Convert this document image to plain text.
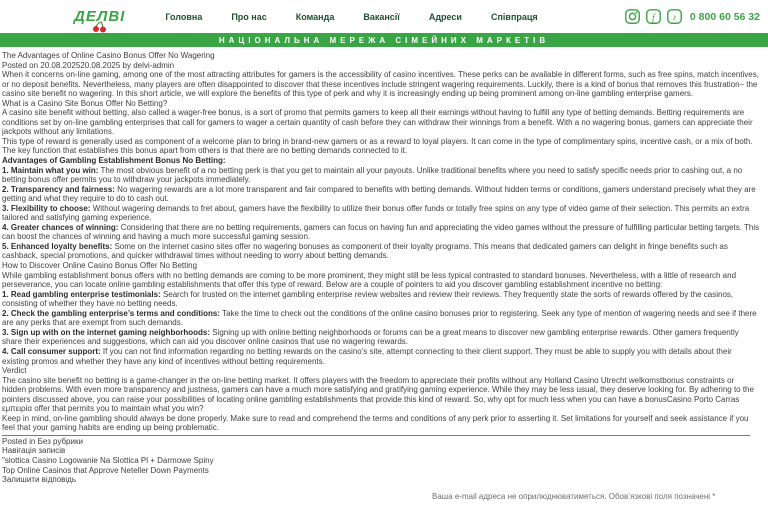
ДЕЛВІ	Головна	Про нас	Команда	Вакансії	Адреси	Співпраця	f ♪ 0 800 60 56 32
НАЦІОНАЛЬНА МЕРЕЖА СІМЕЙНИХ МАРКЕТІВ
The Advantages of Online Casino Bonus Offer No Wagering

Posted on 20.08.202520.08.2025 by delvi-admin

When it concerns on-line gaming, among one of the most attracting attributes for gamers is the accessibility of casino incentives. These perks can be available in different forms, such as free spins, match incentives, or no deposit benefits. Nevertheless, many players are often disappointed to discover that these incentives include stringent wagering requirements. Luckily, there is a kind of bonus that removes this frustration– the casino site benefit no wagering. In this short article, we will explore the benefits of this type of perk and why it is increasingly ending up being prominent among on-line gambling enterprise gamers.

What is a Casino Site Bonus Offer No Betting?

A casino site benefit without betting, also called a wager-free bonus, is a sort of promo that permits gamers to keep all their earnings without having to fulfill any type of betting demands. Betting requirements are conditions set by on-line gambling enterprises that call for gamers to wager a certain quantity of cash before they can withdraw their winnings from a benefit. With a no wagering bonus, gamers can appreciate their jackpots without any limitations.

This type of reward is generally used as component of a welcome plan to bring in brand-new gamers or as a reward to loyal players. It can come in the type of complimentary spins, incentive cash, or a mix of both. The key function that establishes this bonus apart from others is that there are no betting demands connected to it.

Advantages of Gambling Establishment Bonus No Betting:

1. Maintain what you win: The most obvious benefit of a no betting perk is that you get to maintain all your payouts. Unlike traditional benefits where you need to satisfy specific needs prior to cashing out, a no betting bonus offer permits you to withdraw your jackpots immediately.

2. Transparency and fairness: No wagering rewards are a lot more transparent and fair compared to benefits with betting demands. Without hidden terms or conditions, gamers understand precisely what they are getting and what they require to do to cash out.

3. Flexibility to choose: Without wagering demands to fret about, gamers have the flexibility to utilize their bonus offer funds or totally free spins on any type of video game of their selection. This permits an extra tailored and satisfying gaming experience.

4. Greater chances of winning: Considering that there are no betting requirements, gamers can focus on having fun and appreciating the video games without the pressure of fulfilling particular betting targets. This can boost the chances of winning and having a much more successful gaming session.

5. Enhanced loyalty benefits: Some on the internet casino sites offer no wagering bonuses as component of their loyalty programs. This means that dedicated gamers can delight in fringe benefits such as cashback, special promotions, and quicker withdrawal times without needing to worry about betting demands.

How to Discover Online Casino Bonus Offer No Betting

While gambling establishment bonus offers with no betting demands are coming to be more prominent, they might still be less typical contrasted to standard bonuses. Nevertheless, with a little of research and perseverance, you can locate online gambling establishments that offer this type of reward. Below are a couple of pointers to aid you discover gambling establishment incentive no betting:

1. Read gambling enterprise testimonials: Search for trusted on the internet gambling enterprise review websites and review their reviews. They frequently state the sorts of rewards offered by the casinos, consisting of whether they have no betting needs.

2. Check the gambling enterprise’s terms and conditions: Take the time to check out the conditions of the online casino bonuses prior to registering. Seek any type of mention of wagering needs and see if there are any perks that are exempt from such demands.

3. Sign up with on the internet gaming neighborhoods: Signing up with online betting neighborhoods or forums can be a great means to discover new gambling enterprise rewards. Other gamers frequently share their experiences and suggestions, which can aid you discover online casinos that use no wagering rewards.

4. Call consumer support: If you can not find information regarding no betting rewards on the casino's site, attempt connecting to their client support. They must be able to supply you with details about their existing promos and whether they have any kind of incentives without betting requirements.

Verdict

The casino site benefit no betting is a game-changer in the on-line betting market. It offers players with the freedom to appreciate their profits without any Holland Casino Utrecht welkomstbonus constraints or hidden problems. With even more transparency and justness, gamers can have a much more satisfying and gratifying gaming experience. While they may be less usual, they deserve looking for. By adhering to the pointers discussed above, you can raise your possibilities of locating online gambling establishments that provide this kind of reward. So, why opt for much less when you can have a bonusCasino Porto Carras εμπειρία offer that permits you to maintain what you win?

Keep in mind, on-line gambling should always be done properly. Make sure to read and comprehend the terms and conditions of any perk prior to asserting it. Set limitations for yourself and seek assistance if you feel that your gaming habits are ending up being problematic.

Posted in Без рубрики

Навігація записів

"slottica Casino Logowanie Na Slottica Pl + Darmowe Spiny
Top Online Casinos that Approve Neteller Down Payments

Залишити відповідь

Ваша e-mail адреса не оприлюднюватиметься. Обов’язкові поля позначені *
